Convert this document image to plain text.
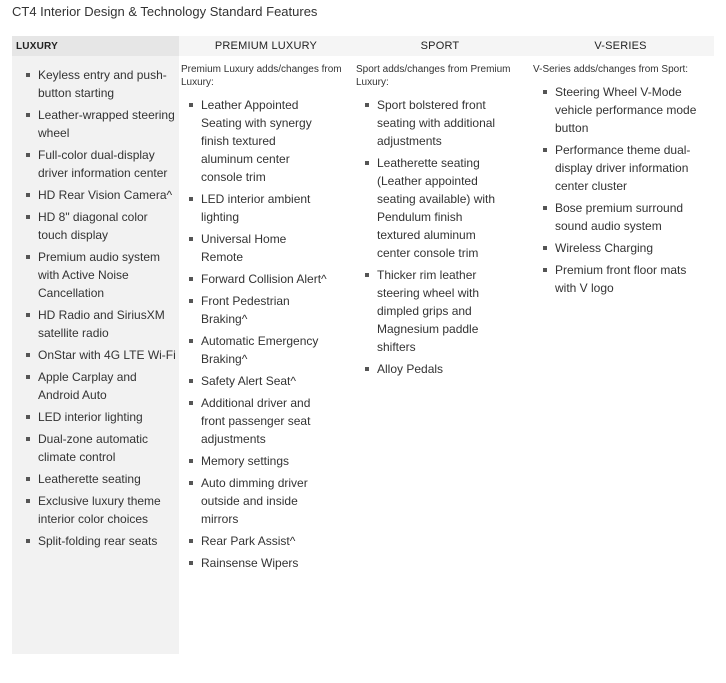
CT4 Interior Design & Technology Standard Features
LUXURY
Keyless entry and push-button starting
Leather-wrapped steering wheel
Full-color dual-display driver information center
HD Rear Vision Camera^
HD 8" diagonal color touch display
Premium audio system with Active Noise Cancellation
HD Radio and SiriusXM satellite radio
OnStar with 4G LTE Wi-Fi
Apple Carplay and Android Auto
LED interior lighting
Dual-zone automatic climate control
Leatherette seating
Exclusive luxury theme interior color choices
Split-folding rear seats
PREMIUM LUXURY
Premium Luxury adds/changes from Luxury:
Leather Appointed Seating with synergy finish textured aluminum center console trim
LED interior ambient lighting
Universal Home Remote
Forward Collision Alert^
Front Pedestrian Braking^
Automatic Emergency Braking^
Safety Alert Seat^
Additional driver and front passenger seat adjustments
Memory settings
Auto dimming driver outside and inside mirrors
Rear Park Assist^
Rainsense Wipers
SPORT
Sport adds/changes from Premium Luxury:
Sport bolstered front seating with additional adjustments
Leatherette seating (Leather appointed seating available) with Pendulum finish textured aluminum center console trim
Thicker rim leather steering wheel with dimpled grips and Magnesium paddle shifters
Alloy Pedals
V-SERIES
V-Series adds/changes from Sport:
Steering Wheel V-Mode vehicle performance mode button
Performance theme dual-display driver information center cluster
Bose premium surround sound audio system
Wireless Charging
Premium front floor mats with V logo
